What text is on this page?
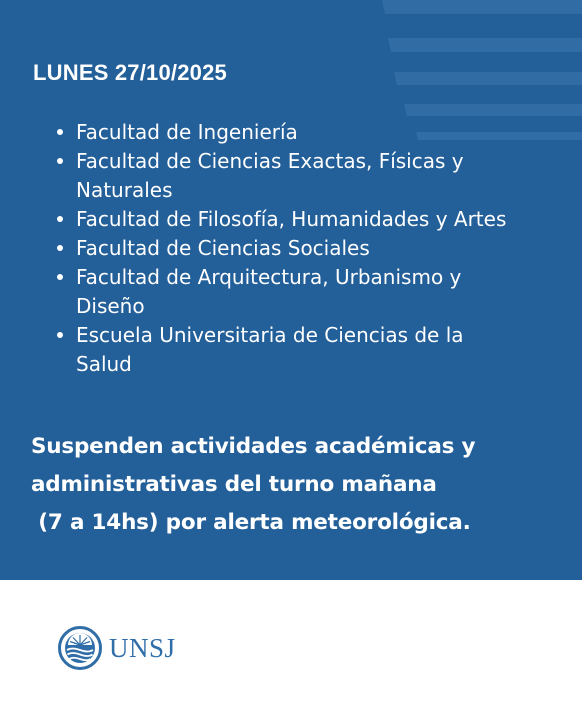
LUNES 27/10/2025
Facultad de Ingeniería
Facultad de Ciencias Exactas, Físicas y
Naturales
Facultad de Filosofía, Humanidades y Artes
Facultad de Ciencias Sociales
Facultad de Arquitectura, Urbanismo y
Diseño
Escuela Universitaria de Ciencias de la
Salud
Suspenden actividades académicas y
administrativas del turno mañana
(7 a 14hs) por alerta meteorológica.
UNSJ
